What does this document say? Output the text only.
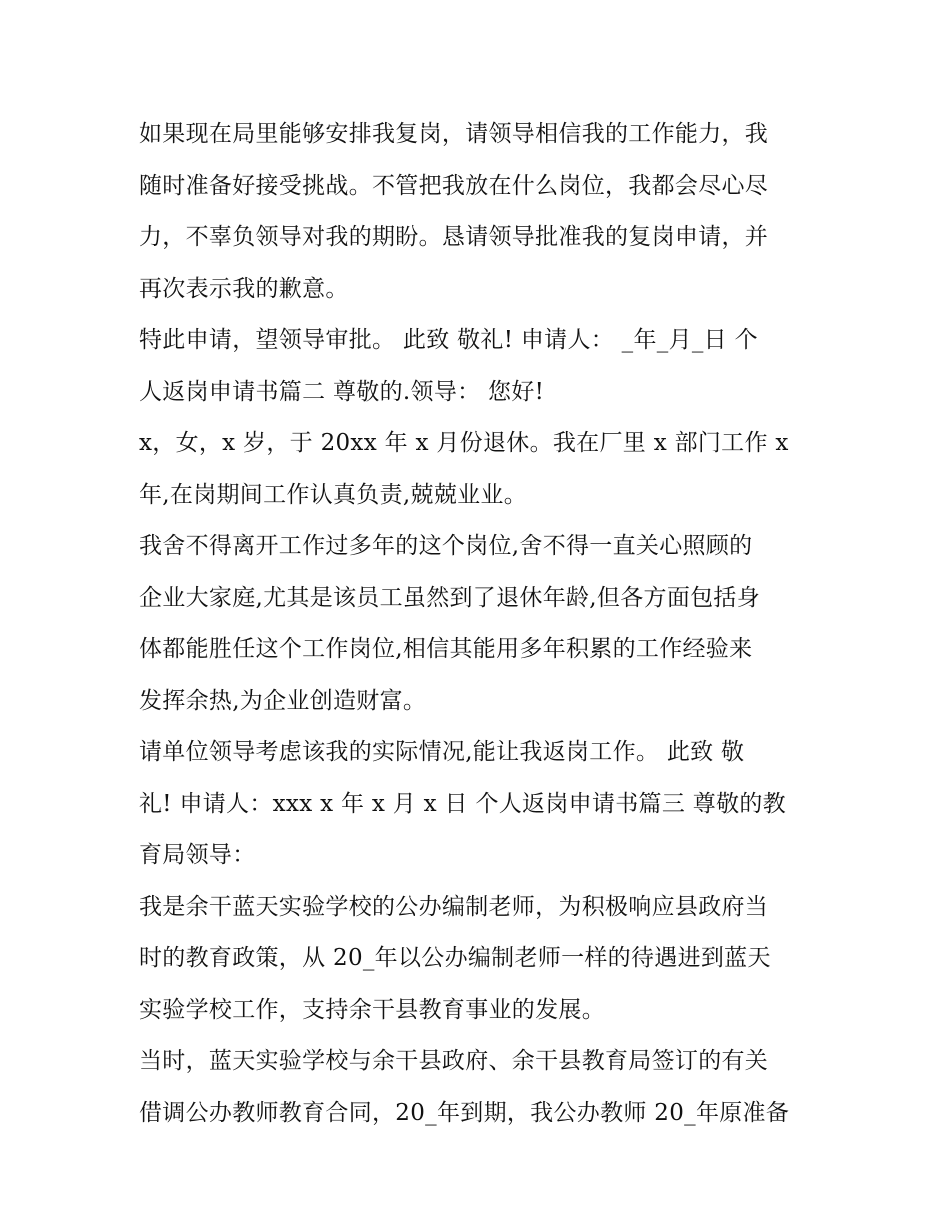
如果现在局里能够安排我复岗，请领导相信我的工作能力，我
随时准备好接受挑战。不管把我放在什么岗位，我都会尽心尽
力，不辜负领导对我的期盼。恳请领导批准我的复岗申请，并
再次表示我的歉意。
特此申请，望领导审批。 此致 敬礼! 申请人： _年_月_日 个
人返岗申请书篇二 尊敬的.领导： 您好!
x，女，x 岁，于 20xx 年 x 月份退休。我在厂里 x 部门工作 x
年,在岗期间工作认真负责,兢兢业业。
我舍不得离开工作过多年的这个岗位,舍不得一直关心照顾的
企业大家庭,尤其是该员工虽然到了退休年龄,但各方面包括身
体都能胜任这个工作岗位,相信其能用多年积累的工作经验来
发挥余热,为企业创造财富。
请单位领导考虑该我的实际情况,能让我返岗工作。 此致 敬
礼! 申请人：xxx x 年 x 月 x 日 个人返岗申请书篇三 尊敬的教
育局领导：
我是余干蓝天实验学校的公办编制老师，为积极响应县政府当
时的教育政策，从 20_年以公办编制老师一样的待遇进到蓝天
实验学校工作，支持余干县教育事业的发展。
当时，蓝天实验学校与余干县政府、余干县教育局签订的有关
借调公办教师教育合同，20_年到期，我公办教师 20_年原准备
